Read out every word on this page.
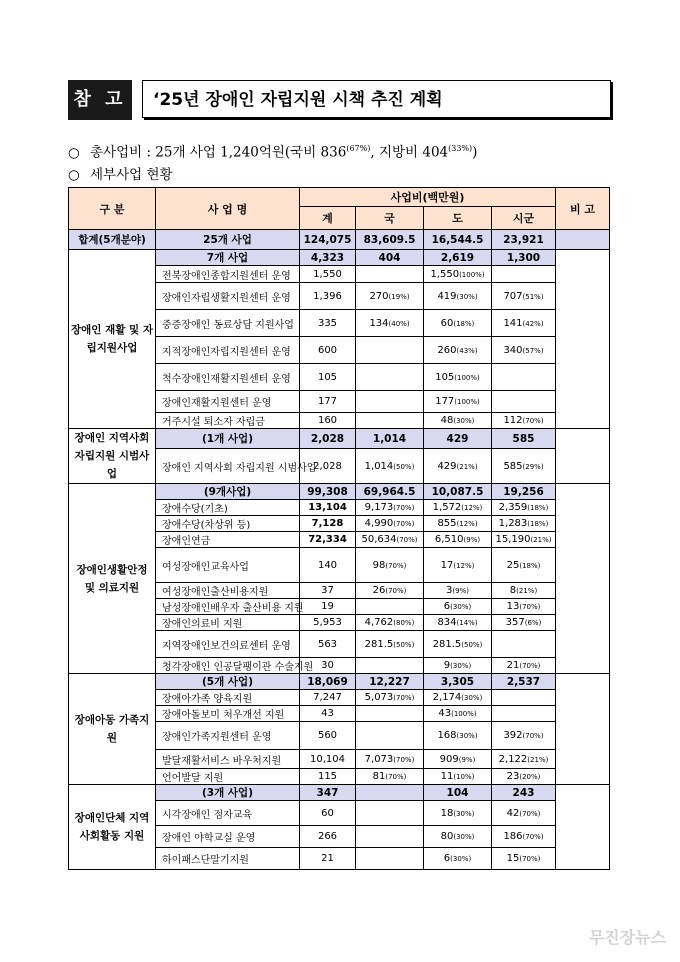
참 고	‘25년 장애인 자립지원 시책 추진 계획
○ 총사업비 : 25개 사업 1,240억원(국비 $836^{(67\%)}$, 지방비 $404^{(33\%)}$)
○ 세부사업 현황
구 분	사 업 명	사업비(백만원)				비 고
		계	국	도	시군	
합계(5개분야)	25개 사업	124,075	83,609.5	16,544.5	23,921	
장애인 재활 및 자립지원사업	7개 사업	4,323	404	2,619	1,300	
	전북장애인종합지원센터 운영	1,550		1,550(100%)		
	장애인자립생활지원센터 운영	1,396	270(19%)	419(30%)	707(51%)	
	중증장애인 동료상담 지원사업	335	134(40%)	60(18%)	141(42%)	
	지적장애인자립지원센터 운영	600		260(43%)	340(57%)	
	척수장애인재활지원센터 운영	105		105(100%)		
	장애인재활지원센터 운영	177		177(100%)		
	거주시설 퇴소자 자립금	160		48(30%)	112(70%)	
장애인 지역사회 자립지원 시범사업	(1개 사업)	2,028	1,014	429	585	
	장애인 지역사회 자립지원 시범사업	2,028	1,014(50%)	429(21%)	585(29%)	
장애인생활안정 및 의료지원	(9개사업)	99,308	69,964.5	10,087.5	19,256	
	장애수당(기초)	13,104	9,173(70%)	1,572(12%)	2,359(18%)	
	장애수당(차상위 등)	7,128	4,990(70%)	855(12%)	1,283(18%)	
	장애인연금	72,334	50,634(70%)	6,510(9%)	15,190(21%)	
	여성장애인교육사업	140	98(70%)	17(12%)	25(18%)	
	여성장애인출산비용지원	37	26(70%)	3(9%)	8(21%)	
	남성장애인배우자 출산비용 지원	19		6(30%)	13(70%)	
	장애인의료비 지원	5,953	4,762(80%)	834(14%)	357(6%)	
	지역장애인보건의료센터 운영	563	281.5(50%)	281.5(50%)		
	청각장애인 인공달팽이관 수술지원	30		9(30%)	21(70%)	
장애아동 가족지원	(5개 사업)	18,069	12,227	3,305	2,537	
	장애아가족 양육지원	7,247	5,073(70%)	2,174(30%)		
	장애아돌보미 처우개선 지원	43		43(100%)		
	장애인가족지원센터 운영	560		168(30%)	392(70%)	
	발달재활서비스 바우처지원	10,104	7,073(70%)	909(9%)	2,122(21%)	
	언어발달 지원	115	81(70%)	11(10%)	23(20%)	
장애인단체 지역사회활동 지원	(3개 사업)	347		104	243	
	시각장애인 점자교육	60		18(30%)	42(70%)	
	장애인 야학교실 운영	266		80(30%)	186(70%)	
	하이패스단말기지원	21		6(30%)	15(70%)	
무진장뉴스
